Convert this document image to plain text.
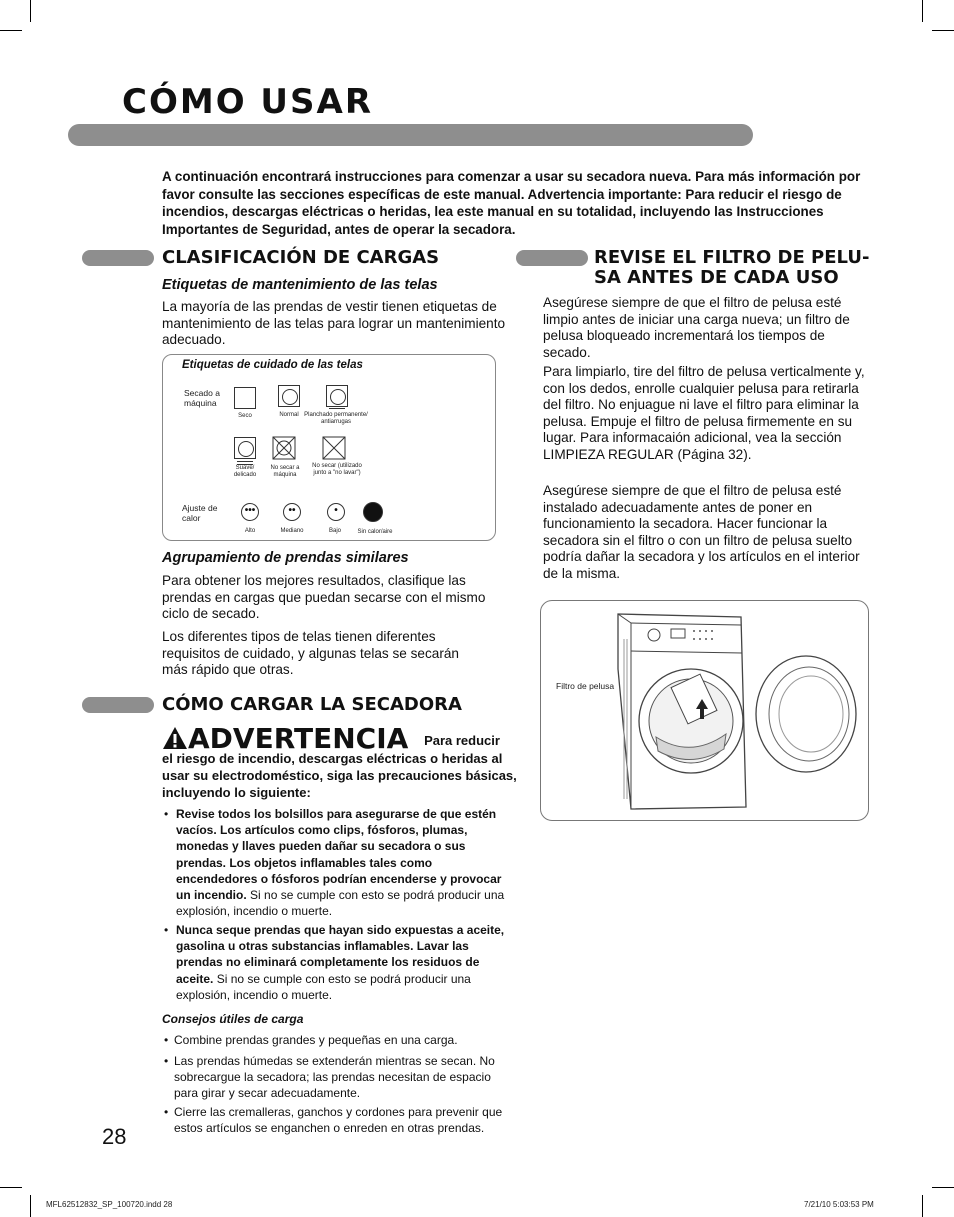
CÓMO USAR
A continuación encontrará instrucciones para comenzar a usar su secadora nueva. Para más información por favor consulte las secciones específicas de este manual. Advertencia importante: Para reducir el riesgo de incendios, descargas eléctricas o heridas, lea este manual en su totalidad, incluyendo las Instrucciones Importantes de Seguridad, antes de operar la secadora.
CLASIFICACIÓN DE CARGAS
Etiquetas de mantenimiento de las telas
La mayoría de las prendas de vestir tienen etiquetas de mantenimiento de las telas para lograr un mantenimiento adecuado.
Etiquetas de cuidado de las telas
Secado a máquina
Seco	Normal Planchado permanente/ antiarrugas
Suave/ delicado
No secar a máquina
No secar (utilizado junto a "no lavar")
Ajuste de calor
•••	••	•
Alto	Mediano	Bajo	Sin calor/aire
Agrupamiento de prendas similares
Para obtener los mejores resultados, clasifique las prendas en cargas que puedan secarse con el mismo ciclo de secado.
Los diferentes tipos de telas tienen diferentes requisitos de cuidado, y algunas telas se secarán más rápido que otras.
CÓMO CARGAR LA SECADORA
ADVERTENCIA Para reducir
el riesgo de incendio, descargas eléctricas o heridas al usar su electrodoméstico, siga las precauciones básicas, incluyendo lo siguiente:
• Revise todos los bolsillos para asegurarse de que estén vacíos. Los artículos como clips, fósforos, plumas, monedas y llaves pueden dañar su secadora o sus prendas. Los objetos inflamables tales como encendedores o fósforos podrían encenderse y provocar un incendio. Si no se cumple con esto se podrá producir una explosión, incendio o muerte.
• Nunca seque prendas que hayan sido expuestas a aceite, gasolina u otras substancias inflamables. Lavar las prendas no eliminará completamente los residuos de aceite. Si no se cumple con esto se podrá producir una explosión, incendio o muerte.
Consejos útiles de carga
• Combine prendas grandes y pequeñas en una carga.
• Las prendas húmedas se extenderán mientras se secan. No sobrecargue la secadora; las prendas necesitan de espacio para girar y secar adecuadamente.
• Cierre las cremalleras, ganchos y cordones para prevenir que estos artículos se enganchen o enreden en otras prendas.
28
REVISE EL FILTRO DE PELU-SA ANTES DE CADA USO
Asegúrese siempre de que el filtro de pelusa esté limpio antes de iniciar una carga nueva; un filtro de pelusa bloqueado incrementará los tiempos de secado.
Para limpiarlo, tire del filtro de pelusa verticalmente y, con los dedos, enrolle cualquier pelusa para retirarla del filtro. No enjuague ni lave el filtro para eliminar la pelusa. Empuje el filtro de pelusa firmemente en su lugar. Para informacaión adicional, vea la sección LIMPIEZA REGULAR (Página 32).
Asegúrese siempre de que el filtro de pelusa esté instalado adecuadamente antes de poner en funcionamiento la secadora. Hacer funcionar la secadora sin el filtro o con un filtro de pelusa suelto podría dañar la secadora y los artículos en el interior de la misma.
Filtro de pelusa
MFL62512832_SP_100720.indd 28	7/21/10 5:03:53 PM
